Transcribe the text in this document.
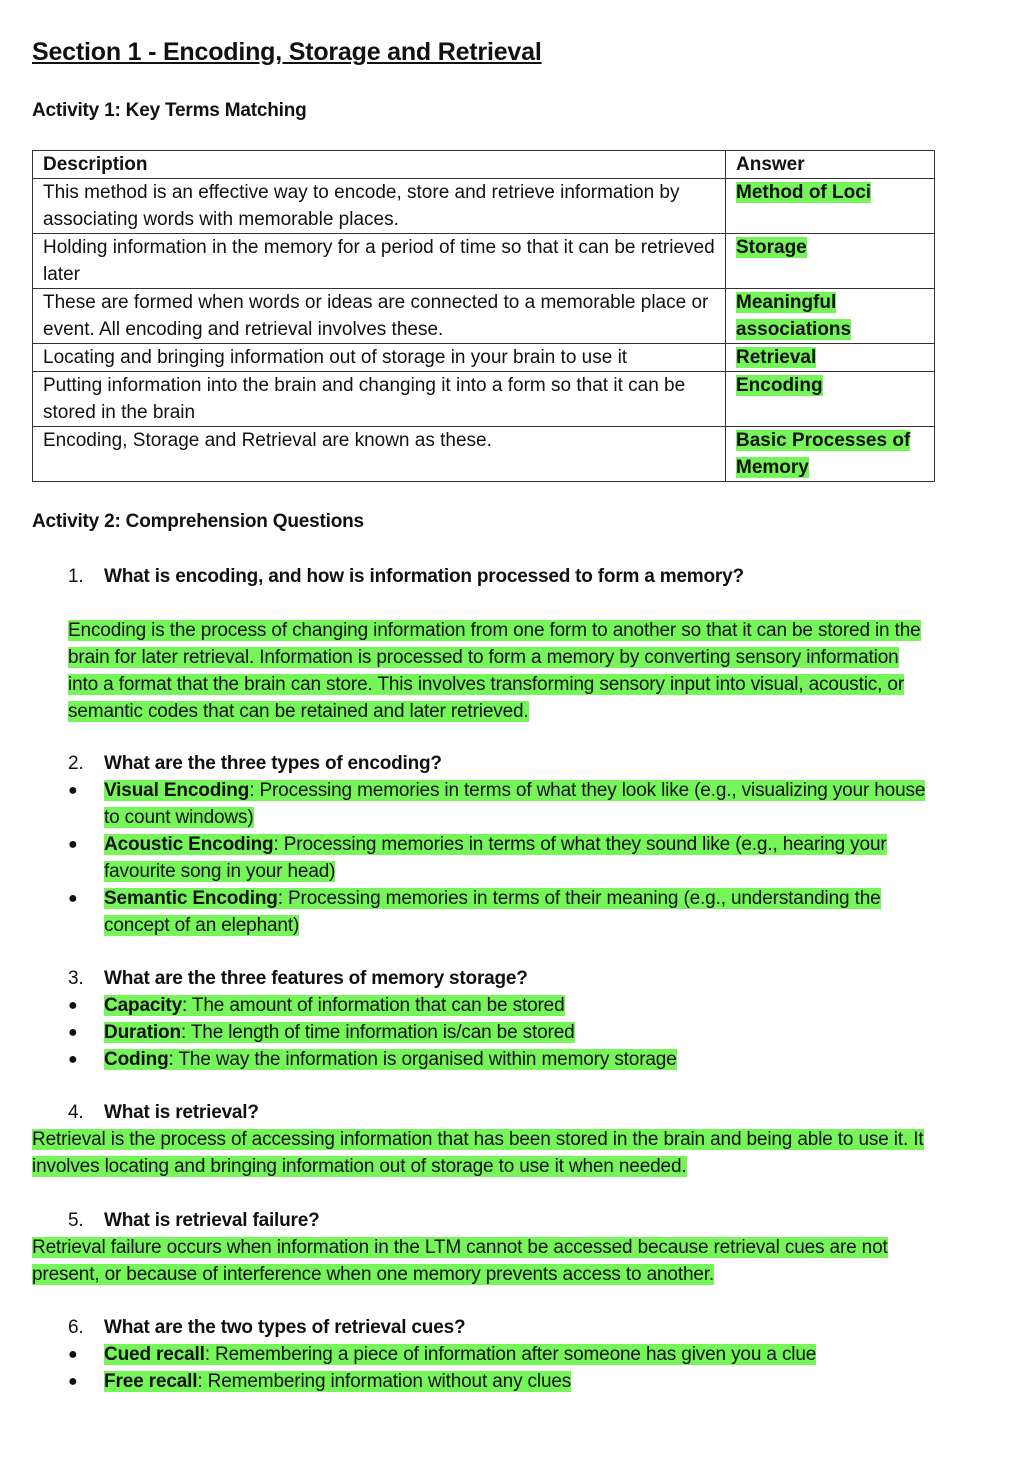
Section 1 - Encoding, Storage and Retrieval
Activity 1: Key Terms Matching
Description	Answer
This method is an effective way to encode, store and retrieve information by associating words with memorable places.	Method of Loci
Holding information in the memory for a period of time so that it can be retrieved later	Storage
These are formed when words or ideas are connected to a memorable place or event. All encoding and retrieval involves these.	Meaningful associations
Locating and bringing information out of storage in your brain to use it	Retrieval
Putting information into the brain and changing it into a form so that it can be stored in the brain	Encoding
Encoding, Storage and Retrieval are known as these.	Basic Processes of Memory
Activity 2: Comprehension Questions
1.	What is encoding, and how is information processed to form a memory?

Encoding is the process of changing information from one form to another so that it can be stored in the brain for later retrieval. Information is processed to form a memory by converting sensory information into a format that the brain can store. This involves transforming sensory input into visual, acoustic, or semantic codes that can be retained and later retrieved.

2.	What are the three types of encoding?
●	Visual Encoding: Processing memories in terms of what they look like (e.g., visualizing your house to count windows)
●	Acoustic Encoding: Processing memories in terms of what they sound like (e.g., hearing your favourite song in your head)
●	Semantic Encoding: Processing memories in terms of their meaning (e.g., understanding the concept of an elephant)
3.	What are the three features of memory storage?
●	Capacity: The amount of information that can be stored
●	Duration: The length of time information is/can be stored
●	Coding: The way the information is organised within memory storage
4.	What is retrieval?

Retrieval is the process of accessing information that has been stored in the brain and being able to use it. It involves locating and bringing information out of storage to use it when needed.

5.	What is retrieval failure?

Retrieval failure occurs when information in the LTM cannot be accessed because retrieval cues are not present, or because of interference when one memory prevents access to another.

6.	What are the two types of retrieval cues?
●	Cued recall: Remembering a piece of information after someone has given you a clue
●	Free recall: Remembering information without any clues
